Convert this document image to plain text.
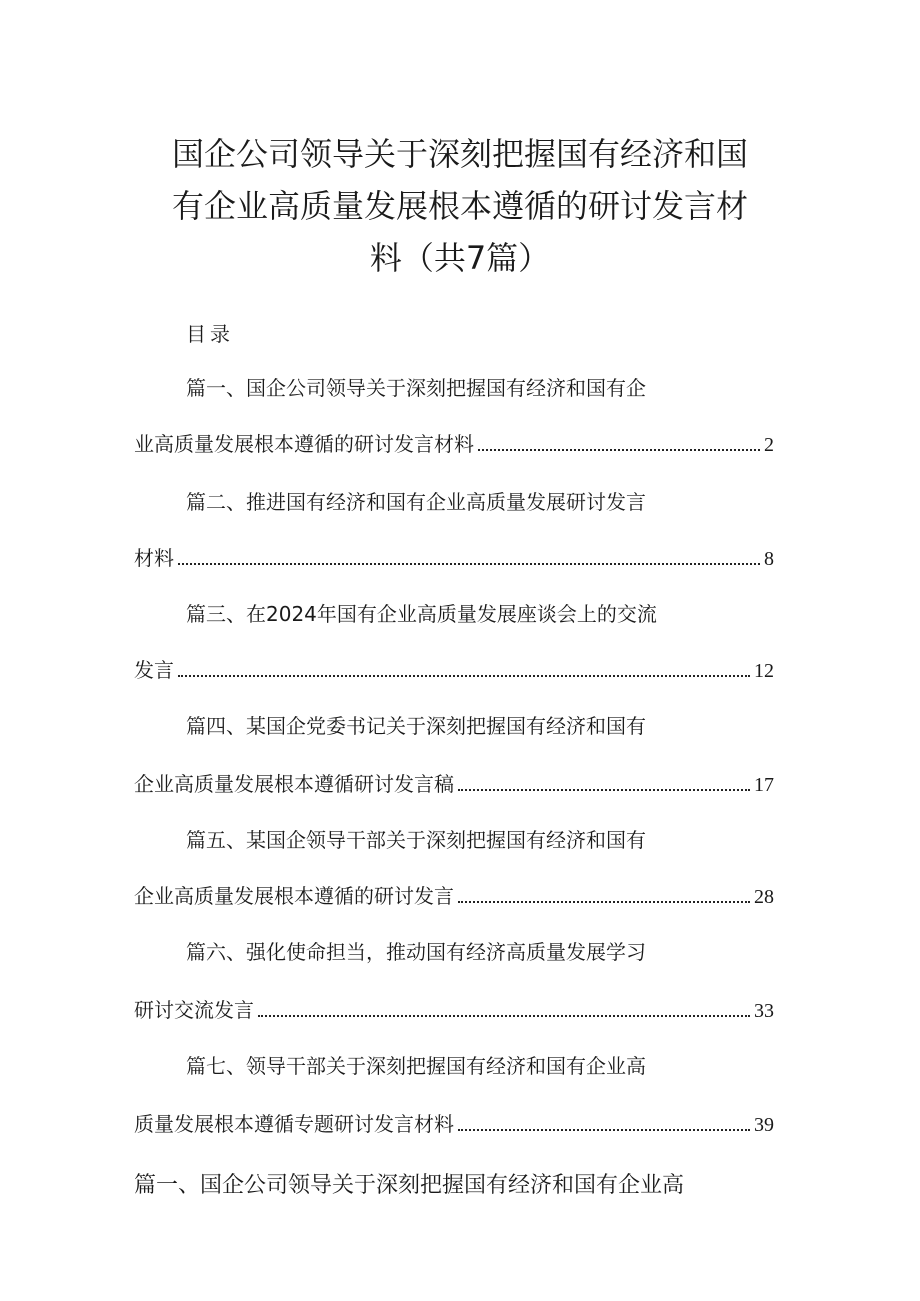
国企公司领导关于深刻把握国有经济和国
有企业高质量发展根本遵循的研讨发言材
料（共7篇）
目录
篇一、国企公司领导关于深刻把握国有经济和国有企
业高质量发展根本遵循的研讨发言材料	2
篇二、推进国有经济和国有企业高质量发展研讨发言
材料	8
篇三、在2024年国有企业高质量发展座谈会上的交流
发言	12
篇四、某国企党委书记关于深刻把握国有经济和国有
企业高质量发展根本遵循研讨发言稿	17
篇五、某国企领导干部关于深刻把握国有经济和国有
企业高质量发展根本遵循的研讨发言	28
篇六、强化使命担当，推动国有经济高质量发展学习
研讨交流发言	33
篇七、领导干部关于深刻把握国有经济和国有企业高
质量发展根本遵循专题研讨发言材料	39
篇一、国企公司领导关于深刻把握国有经济和国有企业高
